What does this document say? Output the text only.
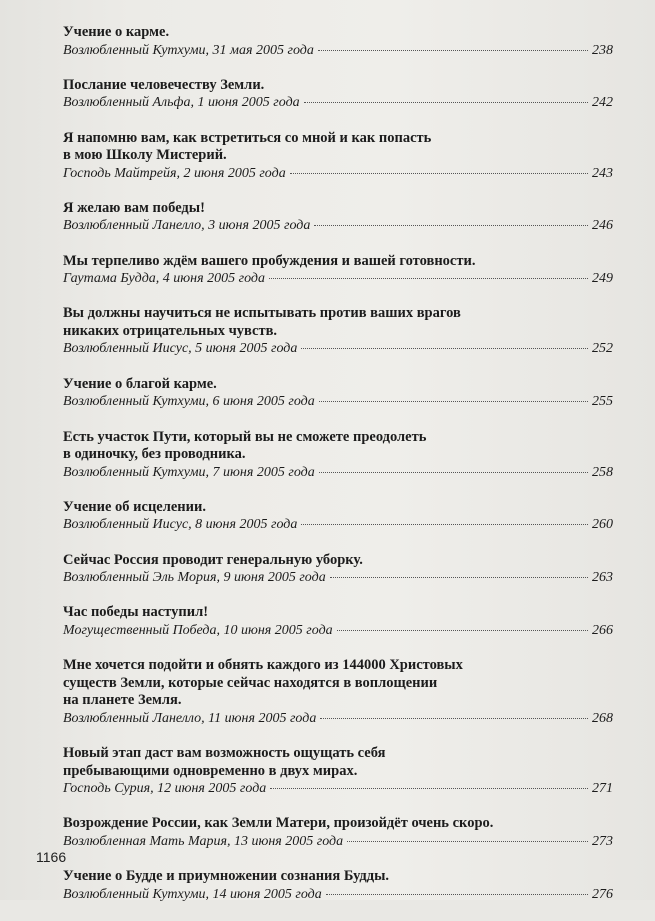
Учение о карме.
Возлюбленный Кутхуми, 31 мая 2005 года	238
Послание человечеству Земли.
Возлюбленный Альфа, 1 июня 2005 года	242
Я напомню вам, как встретиться со мной и как попасть
в мою Школу Мистерий.
Господь Майтрейя, 2 июня 2005 года	243
Я желаю вам победы!
Возлюбленный Ланелло, 3 июня 2005 года	246
Мы терпеливо ждём вашего пробуждения и вашей готовности.
Гаутама Будда, 4 июня 2005 года	249
Вы должны научиться не испытывать против ваших врагов
никаких отрицательных чувств.
Возлюбленный Иисус, 5 июня 2005 года	252
Учение о благой карме.
Возлюбленный Кутхуми, 6 июня 2005 года	255
Есть участок Пути, который вы не сможете преодолеть
в одиночку, без проводника.
Возлюбленный Кутхуми, 7 июня 2005 года	258
Учение об исцелении.
Возлюбленный Иисус, 8 июня 2005 года	260
Сейчас Россия проводит генеральную уборку.
Возлюбленный Эль Мория, 9 июня 2005 года	263
Час победы наступил!
Могущественный Победа, 10 июня 2005 года	266
Мне хочется подойти и обнять каждого из 144000 Христовых
существ Земли, которые сейчас находятся в воплощении
на планете Земля.
Возлюбленный Ланелло, 11 июня 2005 года	268
Новый этап даст вам возможность ощущать себя
пребывающими одновременно в двух мирах.
Господь Сурия, 12 июня 2005 года	271
Возрождение России, как Земли Матери, произойдёт очень скоро.
Возлюбленная Мать Мария, 13 июня 2005 года	273
Учение о Будде и приумножении сознания Будды.
Возлюбленный Кутхуми, 14 июня 2005 года	276
1166
